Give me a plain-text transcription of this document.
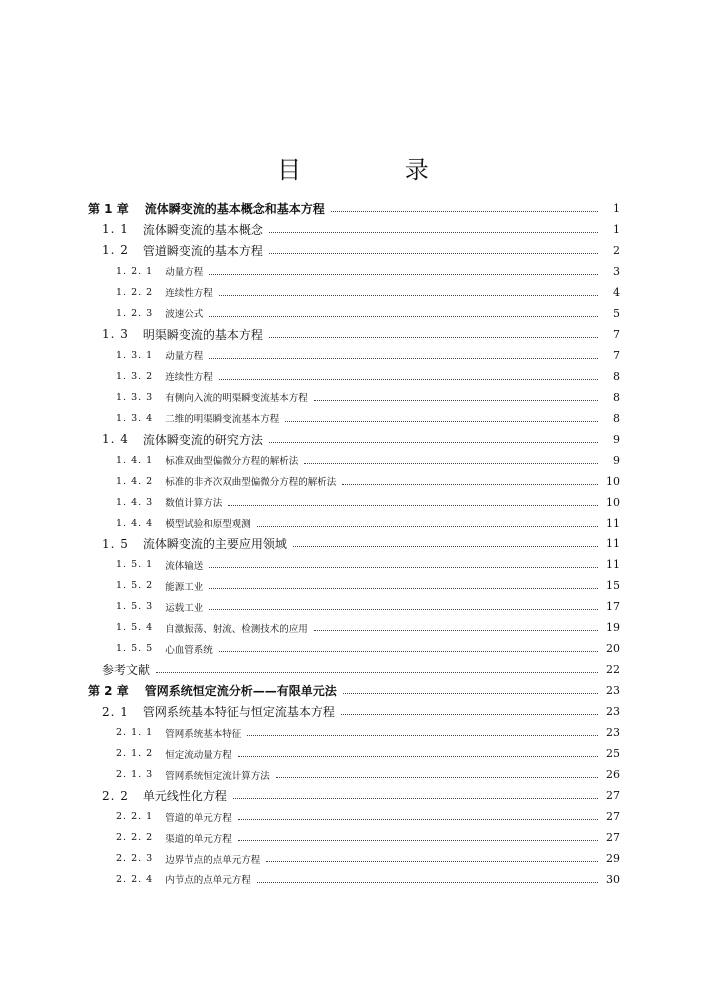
目 录
第 1 章 流体瞬变流的基本概念和基本方程	1
1. 1 流体瞬变流的基本概念	1
1. 2 管道瞬变流的基本方程	2
1. 2. 1 动量方程	3
1. 2. 2 连续性方程	4
1. 2. 3 波速公式	5
1. 3 明渠瞬变流的基本方程	7
1. 3. 1 动量方程	7
1. 3. 2 连续性方程	8
1. 3. 3 有侧向入流的明渠瞬变流基本方程	8
1. 3. 4 二维的明渠瞬变流基本方程	8
1. 4 流体瞬变流的研究方法	9
1. 4. 1 标准双曲型偏微分方程的解析法	9
1. 4. 2 标准的非齐次双曲型偏微分方程的解析法	10
1. 4. 3 数值计算方法	10
1. 4. 4 模型试验和原型观测	11
1. 5 流体瞬变流的主要应用领域	11
1. 5. 1 流体输送	11
1. 5. 2 能源工业	15
1. 5. 3 运载工业	17
1. 5. 4 自激振荡、射流、检测技术的应用	19
1. 5. 5 心血管系统	20
参考文献	22
第 2 章 管网系统恒定流分析——有限单元法	23
2. 1 管网系统基本特征与恒定流基本方程	23
2. 1. 1 管网系统基本特征	23
2. 1. 2 恒定流动量方程	25
2. 1. 3 管网系统恒定流计算方法	26
2. 2 单元线性化方程	27
2. 2. 1 管道的单元方程	27
2. 2. 2 渠道的单元方程	27
2. 2. 3 边界节点的点单元方程	29
2. 2. 4 内节点的点单元方程	30
